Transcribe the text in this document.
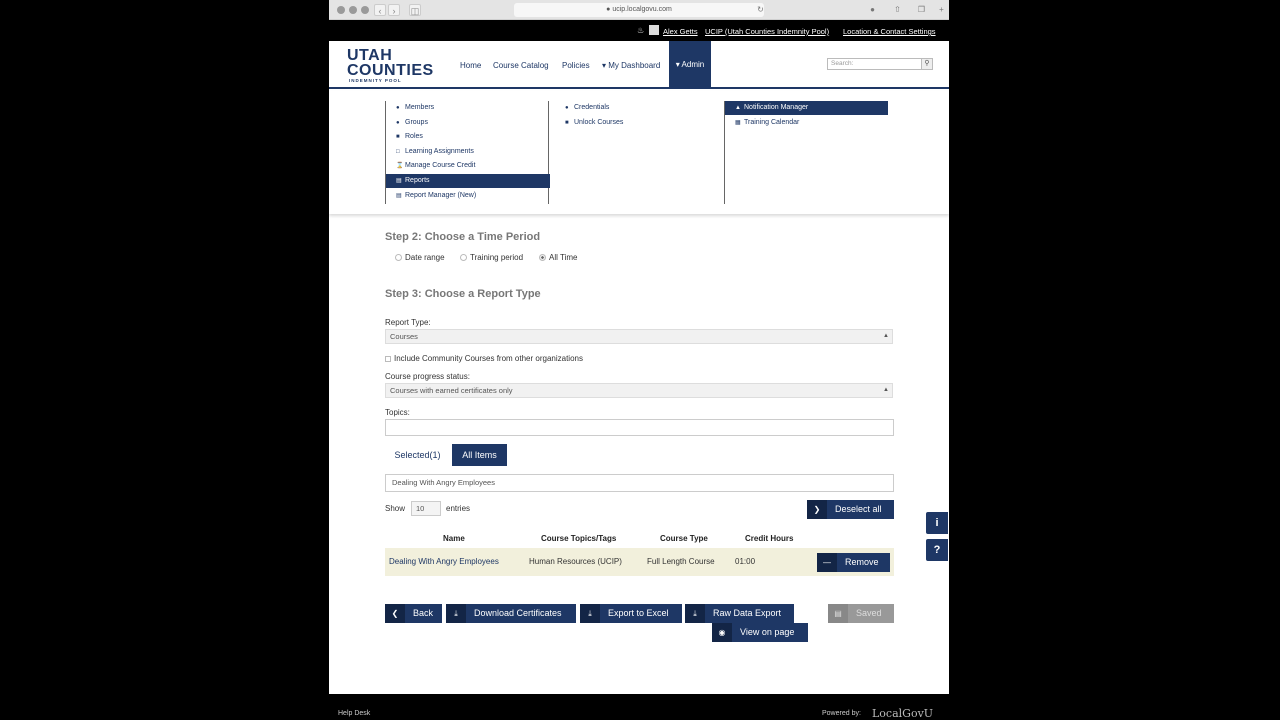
‹	›	◫	● ucip.localgovu.com	↻	●	⇧	❐	+
♨	Alex Getts UCIP (Utah Counties Indemnity Pool) Location & Contact Settings
UTAH
COUNTIES
INDEMNITY POOL
Home Course Catalog Policies ▾ My Dashboard	▾ Admin	Search:	⚲
● Members
● Groups
■ Roles
□ Learning Assignments
⌛ Manage Course Credit
▤ Reports
▤ Report Manager (New)
● Credentials
■ Unlock Courses
▲ Notification Manager
▦ Training Calendar
Step 2: Choose a Time Period
Date range	Training period	All Time
Step 3: Choose a Report Type
Report Type:
Courses	▲

Include Community Courses from other organizations
Course progress status:
Courses with earned certificates only	▲
Topics:
Selected(1)	All Items
Dealing With Angry Employees
Show	10	entries	❯ Deselect all
Name	Course Topics/Tags	Course Type	Credit Hours
Dealing With Angry Employees	Human Resources (UCIP)	Full Length Course	01:00	— Remove
❮ Back	⤓ Download Certificates	⤓ Export to Excel	⤓ Raw Data Export	▤ Saved
◉ View on page
i
?
Help Desk	Powered by: LocalGovU
